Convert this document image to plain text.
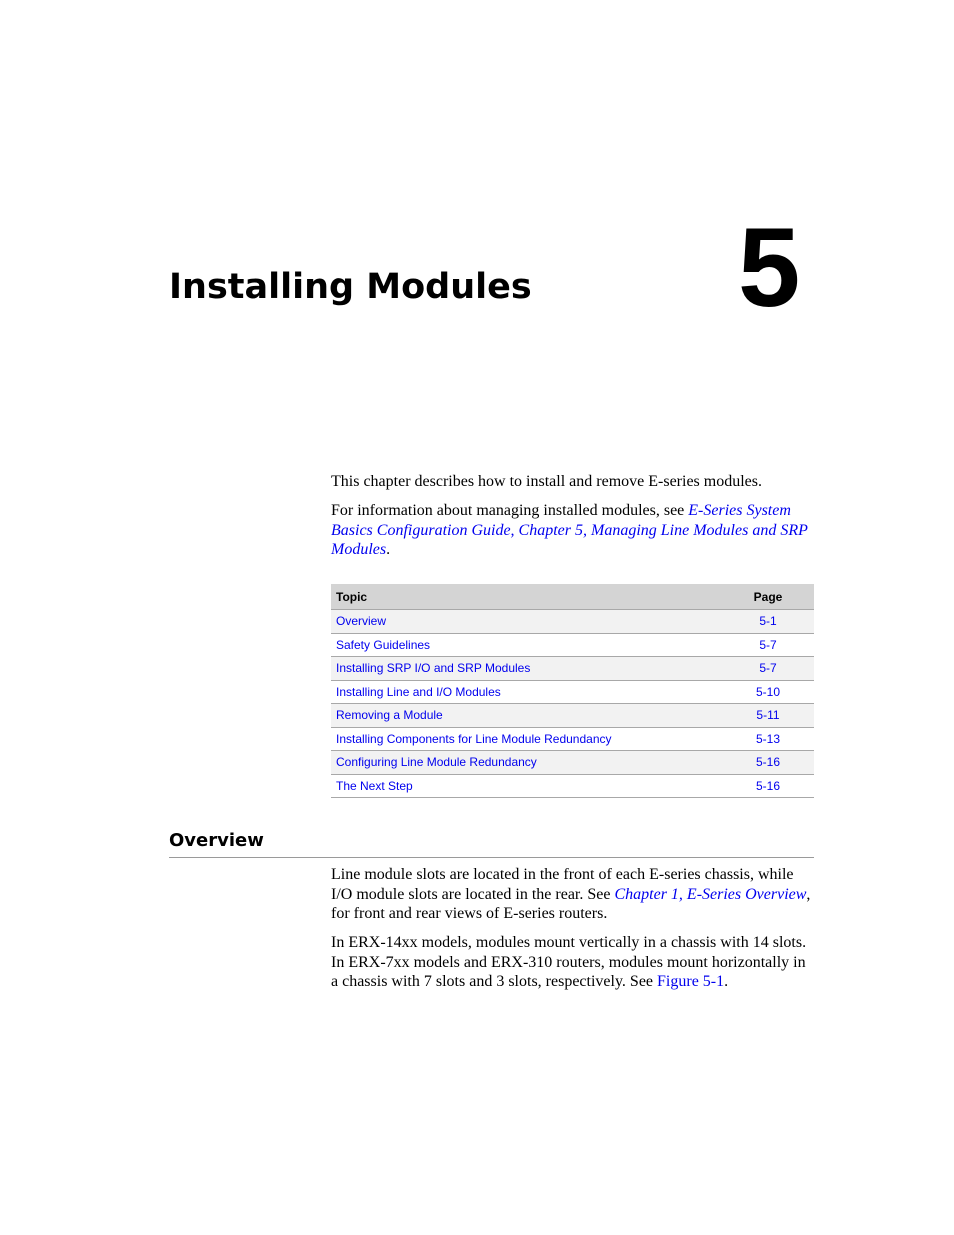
5
Installing Modules

This chapter describes how to install and remove E-series modules.

For information about managing installed modules, see E-Series System Basics Configuration Guide, Chapter 5, Managing Line Modules and SRP Modules.

Topic	Page
Overview	5-1
Safety Guidelines	5-7
Installing SRP I/O and SRP Modules	5-7
Installing Line and I/O Modules	5-10
Removing a Module	5-11
Installing Components for Line Module Redundancy	5-13
Configuring Line Module Redundancy	5-16
The Next Step	5-16
Overview

Line module slots are located in the front of each E-series chassis, while I/O module slots are located in the rear. See Chapter 1, E-Series Overview, for front and rear views of E-series routers.

In ERX-14xx models, modules mount vertically in a chassis with 14 slots. In ERX-7xx models and ERX-310 routers, modules mount horizontally in a chassis with 7 slots and 3 slots, respectively. See Figure 5-1.
